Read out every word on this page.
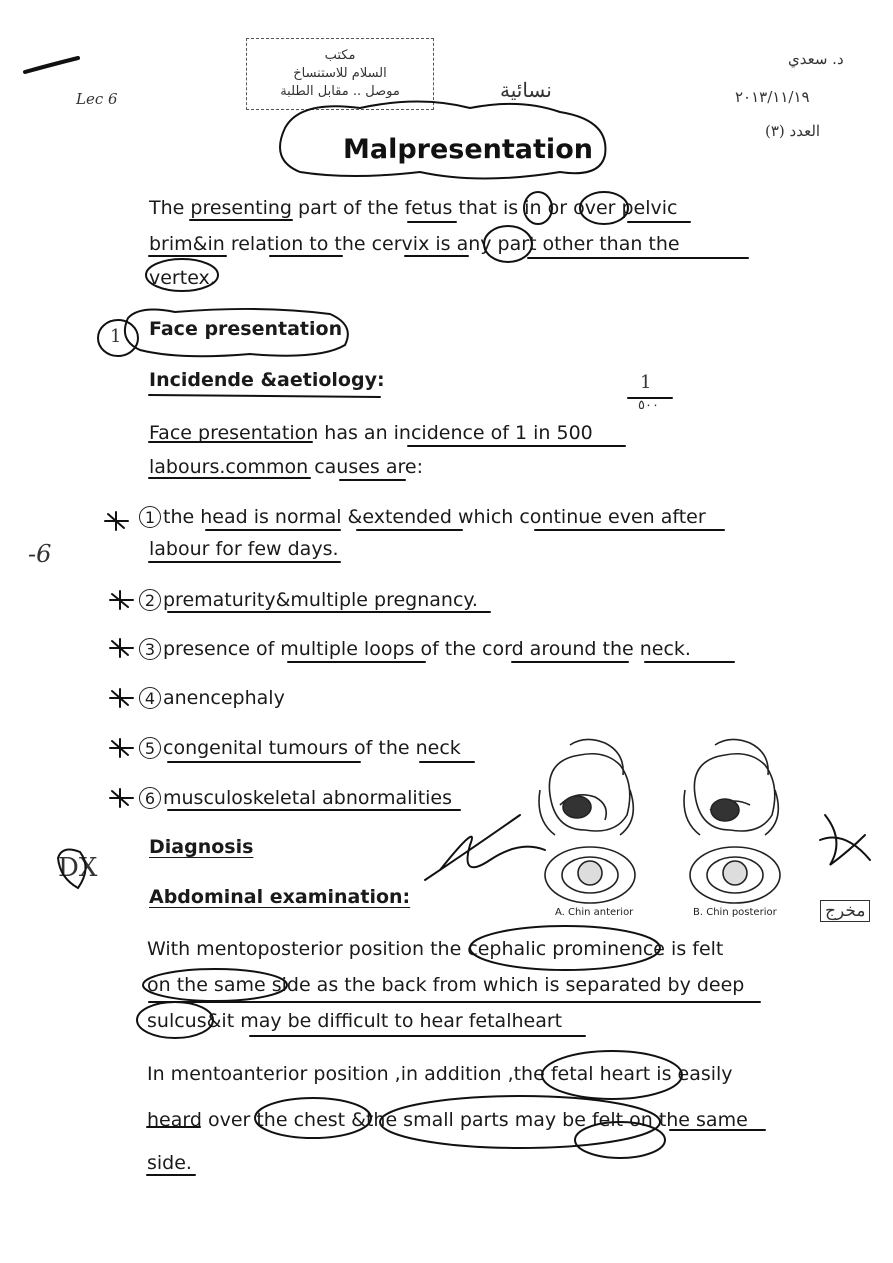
Lec 6
مكتب
السلام للاستنساخ
موصل .. مقابل الطلبة	نسائية
د. سعدي
٢٠١٣/١١/١٩
العدد (٣)
Malpresentation
The presenting part of the fetus that is in or over pelvic
brim&in relation to the cervix is any part other than the
vertex.
1 Face presentation
Incidende &aetiology:	1
٥٠٠
Face presentation has an incidence of 1 in 500
labours.common causes are:
-6
1 the head is normal &extended which continue even after
labour for few days.
2 prematurity&multiple pregnancy.
3 presence of multiple loops of the cord around the neck.
4 anencephaly
5 congenital tumours of the neck
6 musculoskeletal abnormalities
DX
Diagnosis
Abdominal examination:
With mentoposterior position the cephalic prominence is felt
on the same side as the back from which is separated by deep
sulcus&it may be difficult to hear fetalheart
In mentoanterior position ,in addition ,the fetal heart is easily
heard over the chest &the small parts may be felt on the same
side.
A. Chin anterior	B. Chin posterior	مخرج
